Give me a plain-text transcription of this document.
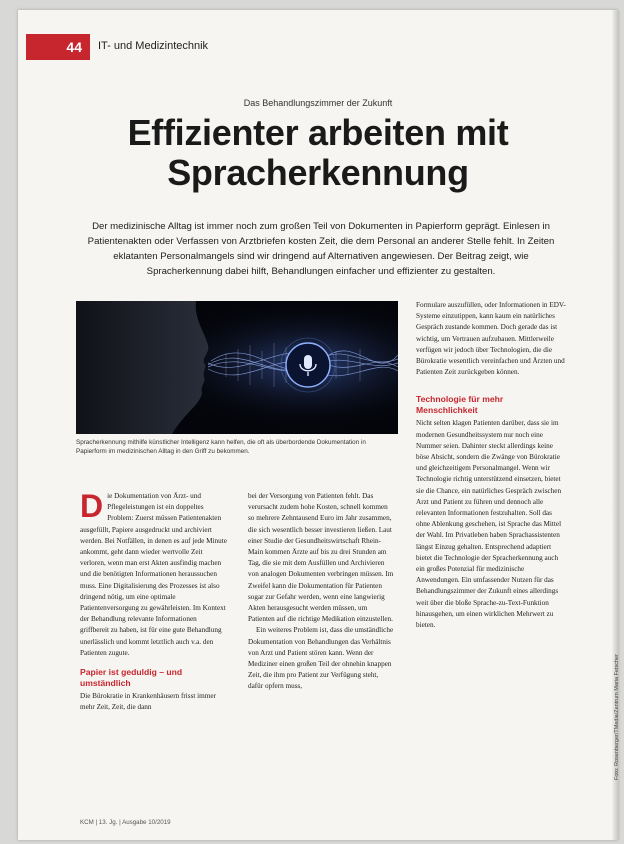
44	IT- und Medizintechnik
Das Behandlungszimmer der Zukunft
Effizienter arbeiten mit
Spracherkennung
Der medizinische Alltag ist immer noch zum großen Teil von Dokumenten in Papierform geprägt. Einlesen in Patientenakten oder Verfassen von Arztbriefen kosten Zeit, die dem Personal an anderer Stelle fehlt. In Zeiten eklatanten Personalmangels sind wir dringend auf Alternativen angewiesen. Der Beitrag zeigt, wie Spracherkennung dabei hilft, Behandlungen einfacher und effizienter zu gestalten.
Spracherkennung mithilfe künstlicher Intelligenz kann helfen, die oft als überbordende Dokumentation in Papierform im medizinischen Alltag in den Griff zu bekommen.

Die Dokumentation von Ärzt- und Pflegeleistungen ist ein doppeltes Problem: Zuerst müssen Patientenakten ausgefüllt, Papiere ausgedruckt und archiviert werden. Bei Notfällen, in denen es auf jede Minute ankommt, geht dann wieder wertvolle Zeit verloren, wenn man erst Akten ausfindig machen und die benötigten Informationen heraussuchen muss. Eine Digitalisierung des Prozesses ist also dringend nötig, um eine optimale Patientenversorgung zu gewährleisten. Im Kontext der Behandlung relevante Informationen griffbereit zu haben, ist für eine gute Behandlung unerlässlich und kommt letztlich auch v.a. den Patienten zugute.

Papier ist geduldig – und umständlich

Die Bürokratie in Krankenhäusern frisst immer mehr Zeit, Zeit, die dann

bei der Versorgung von Patienten fehlt. Das verursacht zudem hohe Kosten, schnell kommen so mehrere Zehntausend Euro im Jahr zusammen, die sich wesentlich besser investieren ließen. Laut einer Studie der Gesundheitswirtschaft Rhein-Main kommen Ärzte auf bis zu drei Stunden am Tag, die sie mit dem Ausfüllen und Archivieren von analogen Dokumenten verbringen müssen. Im Zweifel kann die Dokumentation für Patienten sogar zur Gefahr werden, wenn eine langwierig Akten herausgesucht werden müssen, um Patienten auf die richtige Medikation einzustellen.

Ein weiteres Problem ist, dass die umständliche Dokumentation von Behandlungen das Verhältnis von Arzt und Patient stören kann. Wenn der Mediziner einen großen Teil der ohnehin knappen Zeit, die ihm pro Patient zur Verfügung steht, dafür opfern muss,

Formulare auszufüllen, oder Informationen in EDV-Systeme einzutippen, kann kaum ein natürliches Gespräch zustande kommen. Doch gerade das ist wichtig, um Vertrauen aufzubauen. Mittlerweile verfügen wir jedoch über Technologien, die die Bürokratie wesentlich vereinfachen und Ärzten und Patienten Zeit zurückgeben können.

Technologie für mehr Menschlichkeit

Nicht selten klagen Patienten darüber, dass sie im modernen Gesundheitssystem nur noch eine Nummer seien. Dahinter steckt allerdings keine böse Absicht, sondern die Zwänge von Bürokratie und gleichzeitigem Personalmangel. Wenn wir Technologie richtig unterstützend einsetzen, bietet sie die Chance, ein natürliches Gespräch zwischen Arzt und Patient zu führen und dennoch alle relevanten Informationen festzuhalten. Soll das ohne Ablenkung geschehen, ist Sprache das Mittel der Wahl. Im Privatleben haben Sprachassistenten längst Einzug gehalten. Entsprechend adaptiert bietet die Technologie der Spracherkennung auch ein großes Potenzial für medizinische Anwendungen. Ein umfassender Nutzen für das Behandlungszimmer der Zukunft eines allerdings weit über die bloße Sprache-zu-Text-Funktion hinausgehen, um einen wirklichen Mehrwert zu bieten.

KCM | 13. Jg. | Ausgabe 10/2019
Foto: Rosenberger/TMedia/Zentrum Maria Fetscher
